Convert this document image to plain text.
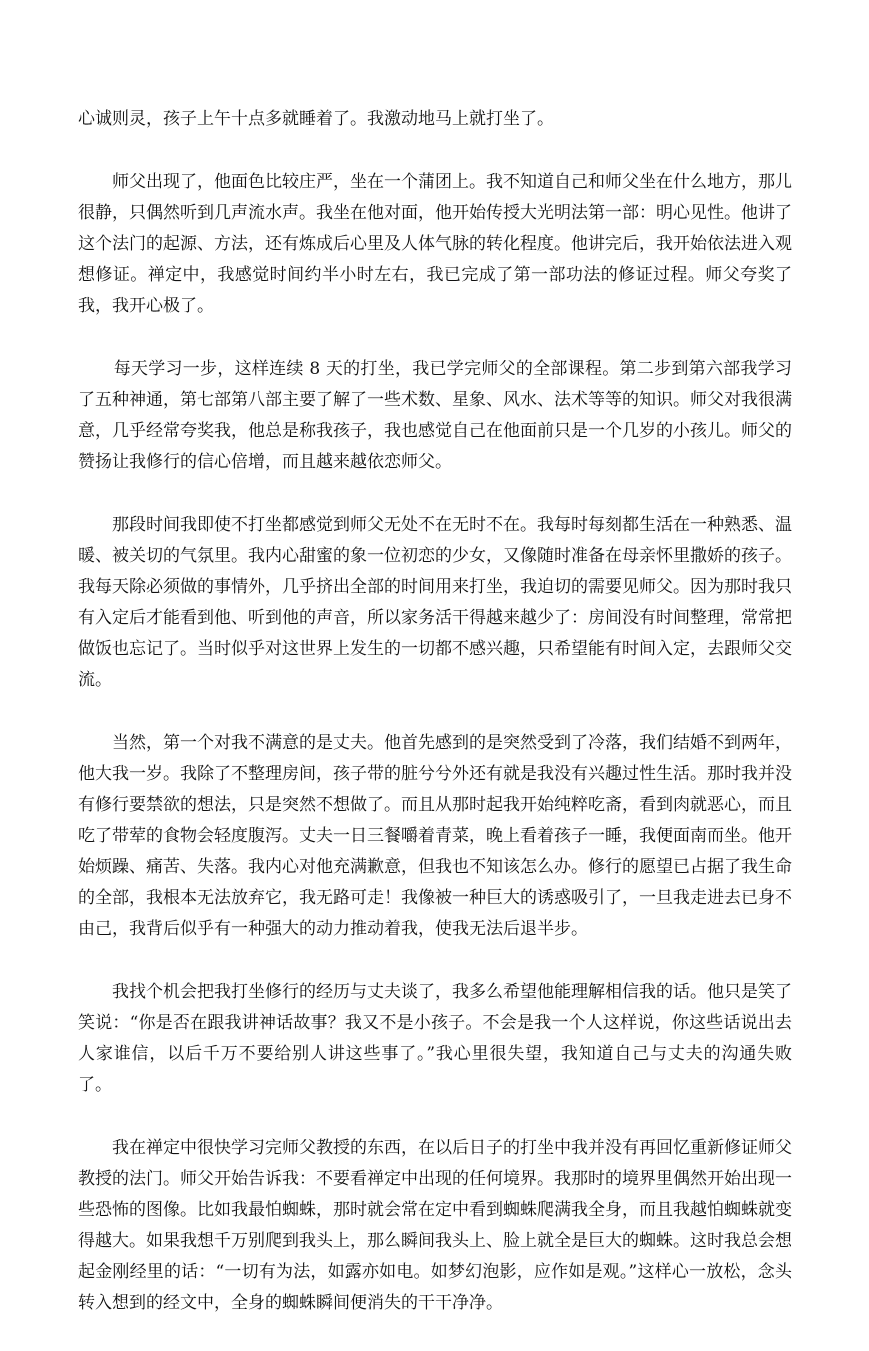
心诚则灵，孩子上午十点多就睡着了。我激动地马上就打坐了。

师父出现了，他面色比较庄严，坐在一个蒲团上。我不知道自己和师父坐在什么地方，那儿很静，只偶然听到几声流水声。我坐在他对面，他开始传授大光明法第一部：明心见性。他讲了这个法门的起源、方法，还有炼成后心里及人体气脉的转化程度。他讲完后，我开始依法进入观想修证。禅定中，我感觉时间约半小时左右，我已完成了第一部功法的修证过程。师父夸奖了我，我开心极了。

每天学习一步，这样连续 8 天的打坐，我已学完师父的全部课程。第二步到第六部我学习了五种神通，第七部第八部主要了解了一些术数、星象、风水、法术等等的知识。师父对我很满意，几乎经常夸奖我，他总是称我孩子，我也感觉自己在他面前只是一个几岁的小孩儿。师父的赞扬让我修行的信心倍增，而且越来越依恋师父。

那段时间我即使不打坐都感觉到师父无处不在无时不在。我每时每刻都生活在一种熟悉、温暖、被关切的气氛里。我内心甜蜜的象一位初恋的少女，又像随时准备在母亲怀里撒娇的孩子。我每天除必须做的事情外，几乎挤出全部的时间用来打坐，我迫切的需要见师父。因为那时我只有入定后才能看到他、听到他的声音，所以家务活干得越来越少了：房间没有时间整理，常常把做饭也忘记了。当时似乎对这世界上发生的一切都不感兴趣，只希望能有时间入定，去跟师父交流。

当然，第一个对我不满意的是丈夫。他首先感到的是突然受到了冷落，我们结婚不到两年，他大我一岁。我除了不整理房间，孩子带的脏兮兮外还有就是我没有兴趣过性生活。那时我并没有修行要禁欲的想法，只是突然不想做了。而且从那时起我开始纯粹吃斋，看到肉就恶心，而且吃了带荤的食物会轻度腹泻。丈夫一日三餐嚼着青菜，晚上看着孩子一睡，我便面南而坐。他开始烦躁、痛苦、失落。我内心对他充满歉意，但我也不知该怎么办。修行的愿望已占据了我生命的全部，我根本无法放弃它，我无路可走！我像被一种巨大的诱惑吸引了，一旦我走进去已身不由己，我背后似乎有一种强大的动力推动着我，使我无法后退半步。

我找个机会把我打坐修行的经历与丈夫谈了，我多么希望他能理解相信我的话。他只是笑了笑说：“你是否在跟我讲神话故事？我又不是小孩子。不会是我一个人这样说，你这些话说出去人家谁信，以后千万不要给别人讲这些事了。”我心里很失望，我知道自己与丈夫的沟通失败了。

我在禅定中很快学习完师父教授的东西，在以后日子的打坐中我并没有再回忆重新修证师父教授的法门。师父开始告诉我：不要看禅定中出现的任何境界。我那时的境界里偶然开始出现一些恐怖的图像。比如我最怕蜘蛛，那时就会常在定中看到蜘蛛爬满我全身，而且我越怕蜘蛛就变得越大。如果我想千万别爬到我头上，那么瞬间我头上、脸上就全是巨大的蜘蛛。这时我总会想起金刚经里的话：“一切有为法，如露亦如电。如梦幻泡影，应作如是观。”这样心一放松，念头转入想到的经文中，全身的蜘蛛瞬间便消失的干干净净。
